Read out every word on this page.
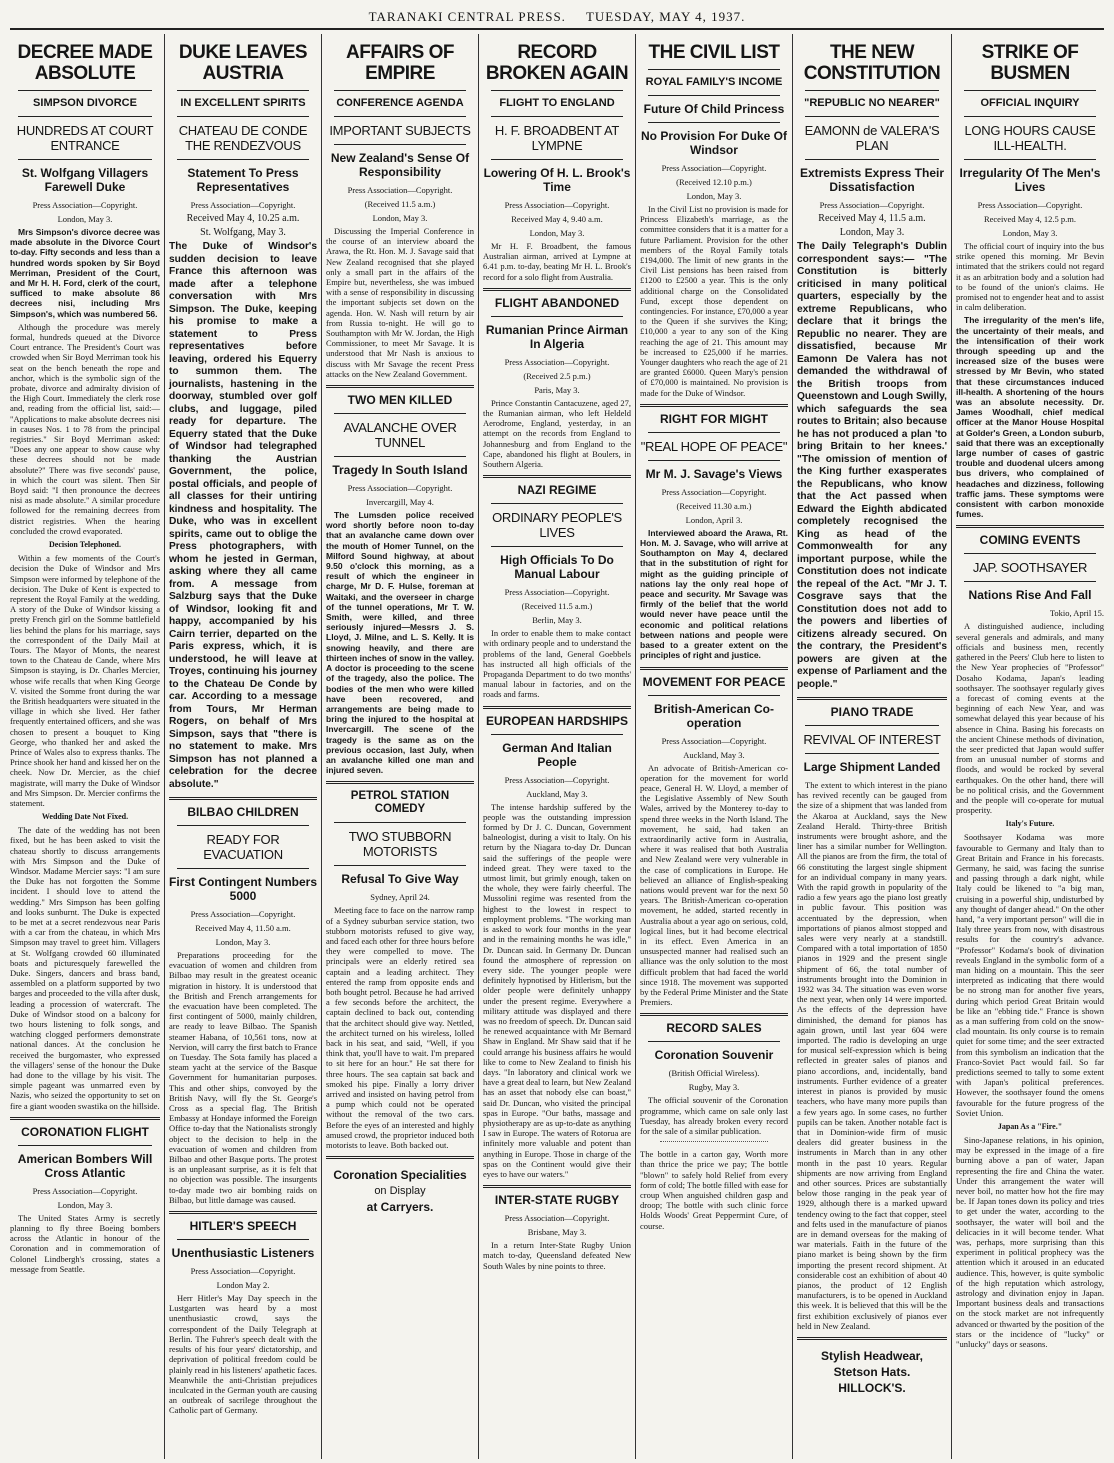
TARANAKI CENTRAL PRESS. TUESDAY, MAY 4, 1937.
DECREE MADE ABSOLUTE
SIMPSON DIVORCE
HUNDREDS AT COURT ENTRANCE
St. Wolfgang Villagers Farewell Duke
Press Association—Copyright.
London, May 3.

Mrs Simpson's divorce decree was made absolute in the Divorce Court to-day. Fifty seconds and less than a hundred words spoken by Sir Boyd Merriman, President of the Court, and Mr H. H. Ford, clerk of the court, sufficed to make absolute 86 decrees nisi, including Mrs Simpson's, which was numbered 56.

Although the procedure was merely formal, hundreds queued at the Divorce Court entrance. The President's Court was crowded when Sir Boyd Merriman took his seat on the bench beneath the rope and anchor, which is the symbolic sign of the probate, divorce and admiralty division of the High Court. Immediately the clerk rose and, reading from the official list, said:— "Applications to make absolute decrees nisi in causes Nos. 1 to 78 from the principal registries." Sir Boyd Merriman asked: "Does any one appear to show cause why these decrees should not be made absolute?" There was five seconds' pause, in which the court was silent. Then Sir Boyd said: "I then pronounce the decrees nisi as made absolute." A similar procedure followed for the remaining decrees from district registries. When the hearing concluded the crowd evaporated.

Decision Telephoned.

Within a few moments of the Court's decision the Duke of Windsor and Mrs Simpson were informed by telephone of the decision. The Duke of Kent is expected to represent the Royal Family at the wedding. A story of the Duke of Windsor kissing a pretty French girl on the Somme battlefield lies behind the plans for his marriage, says the correspondent of the Daily Mail at Tours. The Mayor of Monts, the nearest town to the Chateau de Cande, where Mrs Simpson is staying, is Dr. Charles Mercier, whose wife recalls that when King George V. visited the Somme front during the war the British headquarters were situated in the village in which she lived. Her father frequently entertained officers, and she was chosen to present a bouquet to King George, who thanked her and asked the Prince of Wales also to express thanks. The Prince shook her hand and kissed her on the cheek. Now Dr. Mercier, as the chief magistrate, will marry the Duke of Windsor and Mrs Simpson. Dr. Mercier confirms the statement.

Wedding Date Not Fixed.

The date of the wedding has not been fixed, but he has been asked to visit the chateau shortly to discuss arrangements with Mrs Simpson and the Duke of Windsor. Madame Mercier says: "I am sure the Duke has not forgotten the Somme incident. I should love to attend the wedding." Mrs Simpson has been golfing and looks sunburnt. The Duke is expected to be met at a secret rendezvous near Paris with a car from the chateau, in which Mrs Simpson may travel to greet him. Villagers at St. Wolfgang crowded 60 illuminated boats and picturesquely farewelled the Duke. Singers, dancers and brass band, assembled on a platform supported by two barges and proceeded to the villa after dusk, leading a procession of watercraft. The Duke of Windsor stood on a balcony for two hours listening to folk songs, and watching clogged performers demonstrate national dances. At the conclusion he received the burgomaster, who expressed the villagers' sense of the honour the Duke had done to the village by his visit. The simple pageant was unmarred even by Nazis, who seized the opportunity to set on fire a giant wooden swastika on the hillside.

CORONATION FLIGHT
American Bombers Will Cross Atlantic
Press Association—Copyright.
London, May 3.

The United States Army is secretly planning to fly three Boeing bombers across the Atlantic in honour of the Coronation and in commemoration of Colonel Lindbergh's crossing, states a message from Seattle.

DUKE LEAVES AUSTRIA
IN EXCELLENT SPIRITS
CHATEAU DE CONDE THE RENDEZVOUS
Statement To Press Representatives
Press Association—Copyright.
Received May 4, 10.25 a.m.
St. Wolfgang, May 3.

The Duke of Windsor's sudden decision to leave France this afternoon was made after a telephone conversation with Mrs Simpson. The Duke, keeping his promise to make a statement to Press representatives before leaving, ordered his Equerry to summon them. The journalists, hastening in the doorway, stumbled over golf clubs, and luggage, piled ready for departure. The Equerry stated that the Duke of Windsor had telegraphed thanking the Austrian Government, the police, postal officials, and people of all classes for their untiring kindness and hospitality. The Duke, who was in excellent spirits, came out to oblige the Press photographers, with whom he jested in German, asking where they all came from. A message from Salzburg says that the Duke of Windsor, looking fit and happy, accompanied by his Cairn terrier, departed on the Paris express, which, it is understood, he will leave at Troyes, continuing his journey to the Chateau De Conde by car. According to a message from Tours, Mr Herman Rogers, on behalf of Mrs Simpson, says that "there is no statement to make. Mrs Simpson has not planned a celebration for the decree absolute."

BILBAO CHILDREN
READY FOR EVACUATION
First Contingent Numbers 5000
Press Association—Copyright.
Received May 4, 11.50 a.m.
London, May 3.

Preparations proceeding for the evacuation of women and children from Bilbao may result in the greatest oceanic migration in history. It is understood that the British and French arrangements for the evacuation have been completed. The first contingent of 5000, mainly children, are ready to leave Bilbao. The Spanish steamer Habana, of 10,561 tons, now at Nervion, will carry the first batch to France on Tuesday. The Sota family has placed a steam yacht at the service of the Basque Government for humanitarian purposes. This and other ships, convoyed by the British Navy, will fly the St. George's Cross as a special flag. The British Embassy at Hondaye informed the Foreign Office to-day that the Nationalists strongly object to the decision to help in the evacuation of women and children from Bilbao and other Basque ports. The protest is an unpleasant surprise, as it is felt that no objection was possible. The insurgents to-day made two air bombing raids on Bilbao, but little damage was caused.

HITLER'S SPEECH
Unenthusiastic Listeners
Press Association—Copyright.
London May 2.

Herr Hitler's May Day speech in the Lustgarten was heard by a most unenthusiastic crowd, says the correspondent of the Daily Telegraph at Berlin. The Fuhrer's speech dealt with the results of his four years' dictatorship, and deprivation of political freedom could be plainly read in his listeners' apathetic faces. Meanwhile the anti-Christian prejudices inculcated in the German youth are causing an outbreak of sacrilege throughout the Catholic part of Germany.

AFFAIRS OF EMPIRE
CONFERENCE AGENDA
IMPORTANT SUBJECTS
New Zealand's Sense Of Responsibility
Press Association—Copyright.
(Received 11.5 a.m.)
London, May 3.

Discussing the Imperial Conference in the course of an interview aboard the Arawa, the Rt. Hon. M. J. Savage said that New Zealand recognised that she played only a small part in the affairs of the Empire but, nevertheless, she was imbued with a sense of responsibility in discussing the important subjects set down on the agenda. Hon. W. Nash will return by air from Russia to-night. He will go to Southampton with Mr W. Jordan, the High Commissioner, to meet Mr Savage. It is understood that Mr Nash is anxious to discuss with Mr Savage the recent Press attacks on the New Zealand Government.

TWO MEN KILLED
AVALANCHE OVER TUNNEL
Tragedy In South Island
Press Association—Copyright.
Invercargill, May 4.

The Lumsden police received word shortly before noon to-day that an avalanche came down over the mouth of Homer Tunnel, on the Milford Sound highway, at about 9.50 o'clock this morning, as a result of which the engineer in charge, Mr D. F. Hulse, foreman at Waitaki, and the overseer in charge of the tunnel operations, Mr T. W. Smith, were killed, and three seriously injured—Messrs J. S. Lloyd, J. Milne, and L. S. Kelly. It is snowing heavily, and there are thirteen inches of snow in the valley. A doctor is proceeding to the scene of the tragedy, also the police. The bodies of the men who were killed have been recovered, and arrangements are being made to bring the injured to the hospital at Invercargill. The scene of the tragedy is the same as on the previous occasion, last July, when an avalanche killed one man and injured seven.

PETROL STATION COMEDY
TWO STUBBORN MOTORISTS
Refusal To Give Way
Sydney, April 24.

Meeting face to face on the narrow ramp of a Sydney suburban service station, two stubborn motorists refused to give way, and faced each other for three hours before they were compelled to move. The principals were an elderly retired sea captain and a leading architect. They entered the ramp from opposite ends and both bought petrol. Because he had arrived a few seconds before the architect, the captain declined to back out, contending that the architect should give way. Nettled, the architect turned on his wireless, lolled back in his seat, and said, "Well, if you think that, you'll have to wait. I'm prepared to sit here for an hour." He sat there for three hours. The sea captain sat back and smoked his pipe. Finally a lorry driver arrived and insisted on having petrol from a pump which could not be operated without the removal of the two cars. Before the eyes of an interested and highly amused crowd, the proprietor induced both motorists to leave. Both backed out.

Coronation Specialities
on Display
at Carryers.
RECORD BROKEN AGAIN
FLIGHT TO ENGLAND
H. F. BROADBENT AT LYMPNE
Lowering Of H. L. Brook's Time
Press Association—Copyright.
Received May 4, 9.40 a.m.
London, May 3.

Mr H. F. Broadbent, the famous Australian airman, arrived at Lympne at 6.41 p.m. to-day, beating Mr H. L. Brook's record for a solo flight from Australia.

FLIGHT ABANDONED
Rumanian Prince Airman In Algeria
Press Association—Copyright.
(Received 2.5 p.m.)
Paris, May 3.

Prince Constantin Cantacuzene, aged 27, the Rumanian airman, who left Heldeld Aerodrome, England, yesterday, in an attempt on the records from England to Johannesburg and from England to the Cape, abandoned his flight at Boulers, in Southern Algeria.

NAZI REGIME
ORDINARY PEOPLE'S LIVES
High Officials To Do Manual Labour
Press Association—Copyright.
(Received 11.5 a.m.)
Berlin, May 3.

In order to enable them to make contact with ordinary people and to understand the problems of the land, General Goebbels has instructed all high officials of the Propaganda Department to do two months' manual labour in factories, and on the roads and farms.

EUROPEAN HARDSHIPS
German And Italian People
Press Association—Copyright.
Auckland, May 3.

The intense hardship suffered by the people was the outstanding impression formed by Dr J. C. Duncan, Government balneologist, during a visit to Italy. On his return by the Niagara to-day Dr. Duncan said the sufferings of the people were indeed great. They were taxed to the utmost limit, but grimly enough, taken on the whole, they were fairly cheerful. The Mussolini regime was resented from the highest to the lowest in respect to employment problems. "The working man is asked to work four months in the year and in the remaining months he was idle," Dr. Duncan said. In Germany Dr. Duncan found the atmosphere of repression on every side. The younger people were definitely hypnotised by Hitlerism, but the older people were definitely unhappy under the present regime. Everywhere a military attitude was displayed and there was no freedom of speech. Dr. Duncan said he renewed acquaintance with Mr Bernard Shaw in England. Mr Shaw said that if he could arrange his business affairs he would like to come to New Zealand to finish his days. "In laboratory and clinical work we have a great deal to learn, but New Zealand has an asset that nobody else can boast," said Dr. Duncan, who visited the principal spas in Europe. "Our baths, massage and physiotherapy are as up-to-date as anything I saw in Europe. The waters of Rotorua are infinitely more valuable and potent than anything in Europe. Those in charge of the spas on the Continent would give their eyes to have our waters."

INTER-STATE RUGBY
Press Association—Copyright.
Brisbane, May 3.

In a return Inter-State Rugby Union match to-day, Queensland defeated New South Wales by nine points to three.

THE CIVIL LIST
ROYAL FAMILY'S INCOME
Future Of Child Princess
No Provision For Duke Of Windsor
Press Association—Copyright.
(Received 12.10 p.m.)
London, May 3.

In the Civil List no provision is made for Princess Elizabeth's marriage, as the committee considers that it is a matter for a future Parliament. Provision for the other members of the Royal Family totals £194,000. The limit of new grants in the Civil List pensions has been raised from £1200 to £2500 a year. This is the only additional charge on the Consolidated Fund, except those dependent on contingencies. For instance, £70,000 a year to the Queen if she survives the King; £10,000 a year to any son of the King reaching the age of 21. This amount may be increased to £25,000 if he marries. Younger daughters who reach the age of 21 are granted £6000. Queen Mary's pension of £70,000 is maintained. No provision is made for the Duke of Windsor.

RIGHT FOR MIGHT
"REAL HOPE OF PEACE"
Mr M. J. Savage's Views
Press Association—Copyright.
(Received 11.30 a.m.)
London, April 3.

Interviewed aboard the Arawa, Rt. Hon. M. J. Savage, who will arrive at Southampton on May 4, declared that in the substitution of right for might as the guiding principle of nations lay the only real hope of peace and security. Mr Savage was firmly of the belief that the world would never have peace until the economic and political relations between nations and people were based to a greater extent on the principles of right and justice.

MOVEMENT FOR PEACE
British-American Co-operation
Press Association—Copyright.
Auckland, May 3.

An advocate of British-American co-operation for the movement for world peace, General H. W. Lloyd, a member of the Legislative Assembly of New South Wales, arrived by the Monterey to-day to spend three weeks in the North Island. The movement, he said, had taken an extraordinarily active form in Australia, where it was realised that both Australia and New Zealand were very vulnerable in the case of complications in Europe. He believed an alliance of English-speaking nations would prevent war for the next 50 years. The British-American co-operation movement, he added, started recently in Australia about a year ago on serious, cold, logical lines, but it had become electrical in its effect. Even America in an unsuspected manner had realised such an alliance was the only solution to the most difficult problem that had faced the world since 1918. The movement was supported by the Federal Prime Minister and the State Premiers.

RECORD SALES
Coronation Souvenir
(British Official Wireless).
Rugby, May 3.

The official souvenir of the Coronation programme, which came on sale only last Tuesday, has already broken every record for the sale of a similar publication.

The bottle in a carton gay, Worth more than thrice the price we pay; The bottle "blown" to safely hold Relief from every form of cold; The bottle filled with ease for croup When anguished children gasp and droop; The bottle with such clinic force Holds Woods' Great Peppermint Cure, of course.

THE NEW CONSTITUTION
"REPUBLIC NO NEARER"
EAMONN de VALERA'S PLAN
Extremists Express Their Dissatisfaction
Press Association—Copyright.
Received May 4, 11.5 a.m.
London, May 3.

The Daily Telegraph's Dublin correspondent says:— "The Constitution is bitterly criticised in many political quarters, especially by the extreme Republicans, who declare that it brings the Republic no nearer. They are dissatisfied, because Mr Eamonn De Valera has not demanded the withdrawal of the British troops from Queenstown and Lough Swilly, which safeguards the sea routes to Britain; also because he has not produced a plan 'to bring Britain to her knees.' "The omission of mention of the King further exasperates the Republicans, who know that the Act passed when Edward the Eighth abdicated completely recognised the King as head of the Commonwealth for any important purpose, while the Constitution does not indicate the repeal of the Act. "Mr J. T. Cosgrave says that the Constitution does not add to the powers and liberties of citizens already secured. On the contrary, the President's powers are given at the expense of Parliament and the people."

PIANO TRADE
REVIVAL OF INTEREST
Large Shipment Landed

The extent to which interest in the piano has revived recently can be gauged from the size of a shipment that was landed from the Akaroa at Auckland, says the New Zealand Herald. Thirty-three British instruments were brought ashore, and the liner has a similar number for Wellington. All the pianos are from the firm, the total of 66 constituting the largest single shipment for an individual company in many years. With the rapid growth in popularity of the radio a few years ago the piano lost greatly in public favour. This position was accentuated by the depression, when importations of pianos almost stopped and sales were very nearly at a standstill. Compared with a total importation of 1850 pianos in 1929 and the present single shipment of 66, the total number of instruments brought into the Dominion in 1932 was 34. The situation was even worse the next year, when only 14 were imported. As the effects of the depression have diminished, the demand for pianos has again grown, until last year 604 were imported. The radio is developing an urge for musical self-expression which is being reflected in greater sales of pianos and piano accordions, and, incidentally, band instruments. Further evidence of a greater interest in pianos is provided by music teachers, who have many more pupils than a few years ago. In some cases, no further pupils can be taken. Another notable fact is that in Dominion-wide firm of music dealers did greater business in the instruments in March than in any other month in the past 10 years. Regular shipments are now arriving from England and other sources. Prices are substantially below those ranging in the peak year of 1929, although there is a marked upward tendency owing to the fact that copper, steel and felts used in the manufacture of pianos are in demand overseas for the making of war materials. Faith in the future of the piano market is being shown by the firm importing the present record shipment. At considerable cost an exhibition of about 40 pianos, the product of 12 English manufacturers, is to be opened in Auckland this week. It is believed that this will be the first exhibition exclusively of pianos ever held in New Zealand.

Stylish Headwear,
Stetson Hats.
HILLOCK'S.
STRIKE OF BUSMEN
OFFICIAL INQUIRY
LONG HOURS CAUSE ILL-HEALTH.
Irregularity Of The Men's Lives
Press Association—Copyright.
Received May 4, 12.5 p.m.
London, May 3.

The official court of inquiry into the bus strike opened this morning. Mr Bevin intimated that the strikers could not regard it as an arbitration body and a solution had to be found of the union's claims. He promised not to engender heat and to assist in calm deliberation.

The irregularity of the men's life, the uncertainty of their meals, and the intensification of their work through speeding up and the increased size of the buses were stressed by Mr Bevin, who stated that these circumstances induced ill-health. A shortening of the hours was an absolute necessity. Dr. James Woodhall, chief medical officer at the Manor House Hospital at Golder's Green, a London suburb, said that there was an exceptionally large number of cases of gastric trouble and duodenal ulcers among bus drivers, who complained of headaches and dizziness, following traffic jams. These symptoms were consistent with carbon monoxide fumes.

COMING EVENTS
JAP. SOOTHSAYER
Nations Rise And Fall
Tokio, April 15.

A distinguished audience, including several generals and admirals, and many officials and business men, recently gathered in the Peers' Club here to listen to the New Year prophecies of "Professor" Dosaho Kodama, Japan's leading soothsayer. The soothsayer regularly gives a forecast of coming events at the beginning of each New Year, and was somewhat delayed this year because of his absence in China. Basing his forecasts on the ancient Chinese methods of divination, the seer predicted that Japan would suffer from an unusual number of storms and floods, and would be rocked by several earthquakes. On the other hand, there will be no political crisis, and the Government and the people will co-operate for mutual prosperity.

Italy's Future.

Soothsayer Kodama was more favourable to Germany and Italy than to Great Britain and France in his forecasts. Germany, he said, was facing the sunrise and passing through a dark night, while Italy could be likened to "a big man, cruising in a powerful ship, undisturbed by any thought of danger ahead." On the other hand, "a very important person" will die in Italy three years from now, with disastrous results for the country's advance. "Professor" Kodama's book of divination reveals England in the symbolic form of a man hiding on a mountain. This the seer interpreted as indicating that there would be no strong man for another five years, during which period Great Britain would be like an "ebbing tide." France is shown as a man suffering from cold on the snow-clad mountain. Its only course is to remain quiet for some time; and the seer extracted from this symbolism an indication that the Franco-Soviet Pact would fail. So far predictions seemed to tally to some extent with Japan's political preferences. However, the soothsayer found the omens favourable for the future progress of the Soviet Union.

Japan As a "Fire."

Sino-Japanese relations, in his opinion, may be expressed in the image of a fire burning above a pan of water, Japan representing the fire and China the water. Under this arrangement the water will never boil, no matter how hot the fire may be. If Japan tones down its policy and tries to get under the water, according to the soothsayer, the water will boil and the delicacies in it will become tender. What was, perhaps, more surprising than this experiment in political prophecy was the attention which it aroused in an educated audience. This, however, is quite symbolic of the high reputation which astrology, astrology and divination enjoy in Japan. Important business deals and transactions on the stock market are not infrequently advanced or thwarted by the position of the stars or the incidence of "lucky" or "unlucky" days or seasons.
